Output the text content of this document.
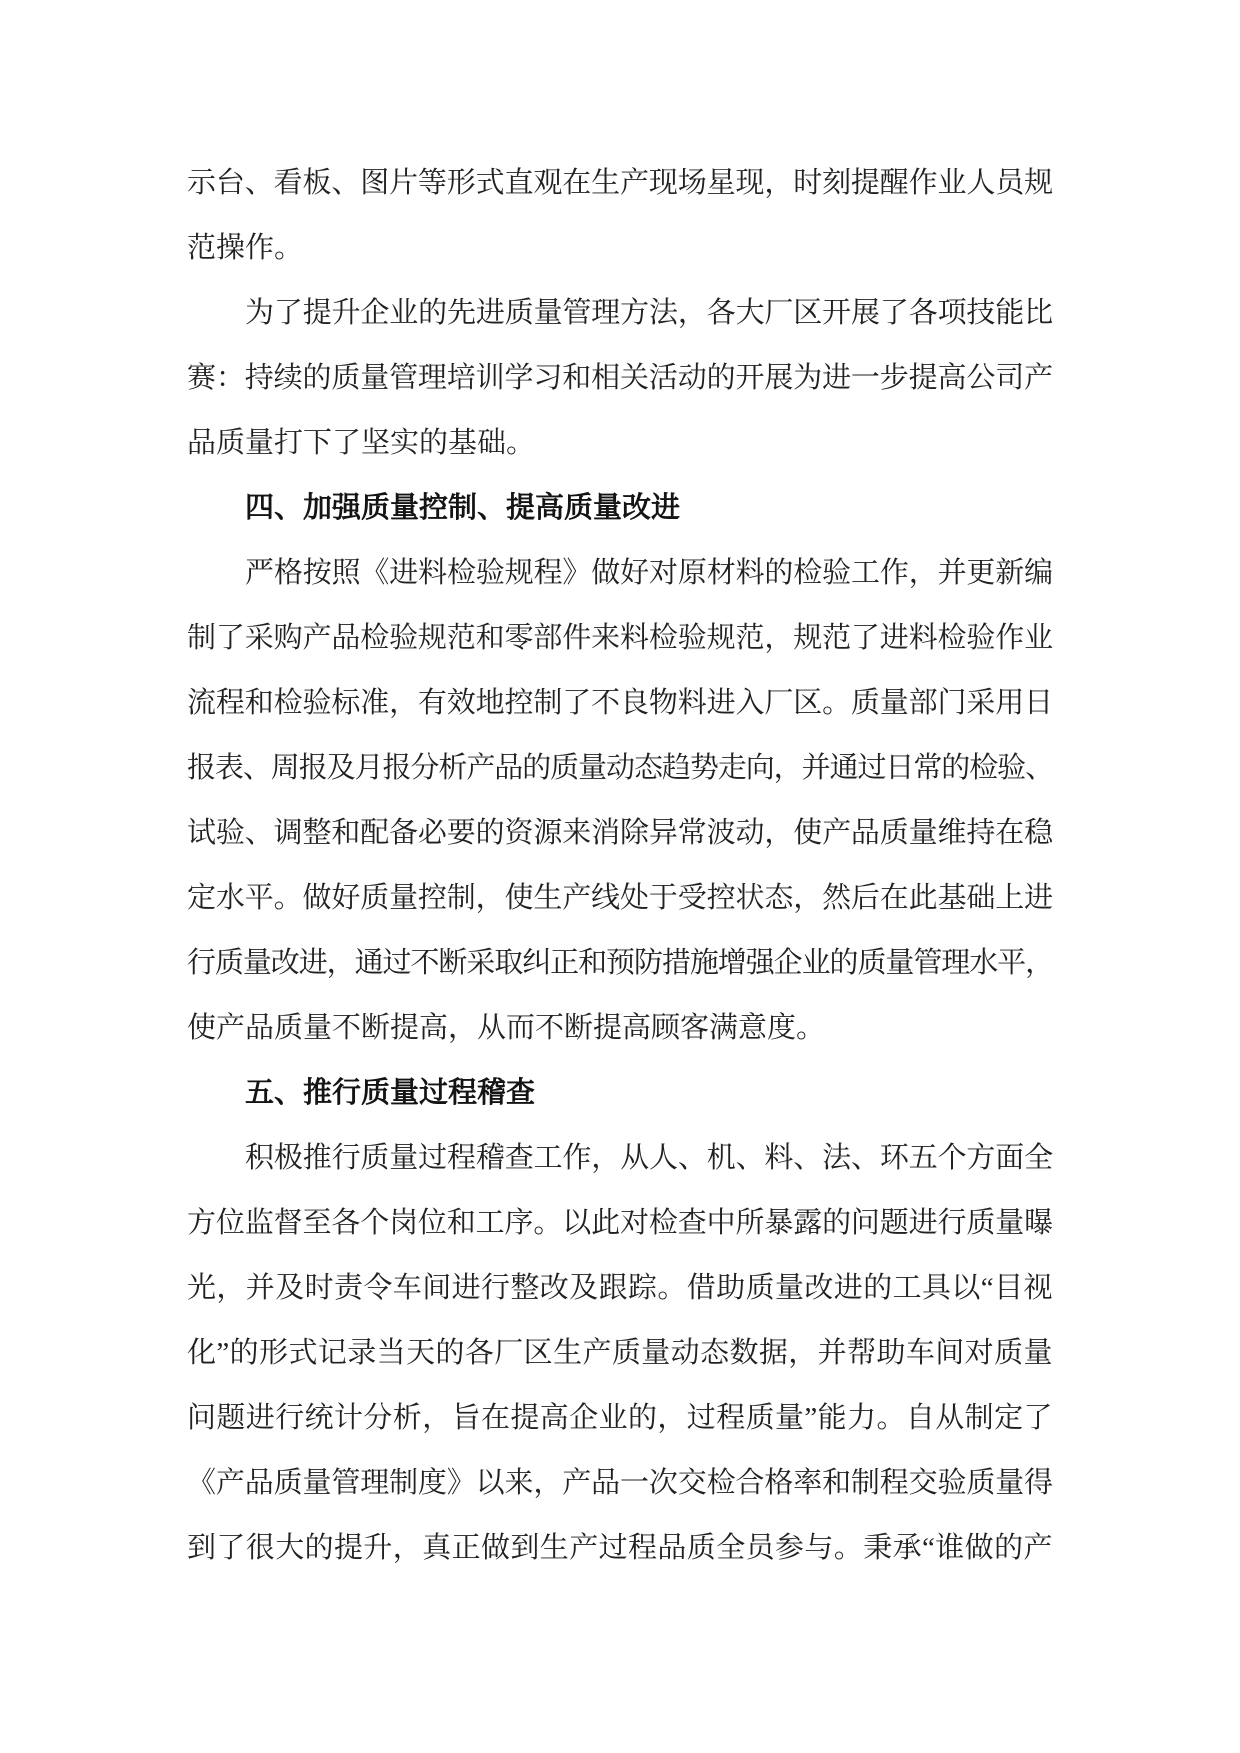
示台、看板、图片等形式直观在生产现场星现，时刻提醒作业人员规
范操作。
为了提升企业的先进质量管理方法，各大厂区开展了各项技能比
赛：持续的质量管理培训学习和相关活动的开展为进一步提高公司产
品质量打下了坚实的基础。
四、加强质量控制、提高质量改进
严格按照《进料检验规程》做好对原材料的检验工作，并更新编
制了采购产品检验规范和零部件来料检验规范，规范了进料检验作业
流程和检验标准，有效地控制了不良物料进入厂区。质量部门采用日
报表、周报及月报分析产品的质量动态趋势走向，并通过日常的检验、
试验、调整和配备必要的资源来消除异常波动，使产品质量维持在稳
定水平。做好质量控制，使生产线处于受控状态，然后在此基础上进
行质量改进，通过不断采取纠正和预防措施增强企业的质量管理水平，
使产品质量不断提高，从而不断提高顾客满意度。
五、推行质量过程稽查
积极推行质量过程稽查工作，从人、机、料、法、环五个方面全
方位监督至各个岗位和工序。以此对检查中所暴露的问题进行质量曝
光，并及时责令车间进行整改及跟踪。借助质量改进的工具以“目视
化”的形式记录当天的各厂区生产质量动态数据，并帮助车间对质量
问题进行统计分析，旨在提高企业的，过程质量”能力。自从制定了
《产品质量管理制度》以来，产品一次交检合格率和制程交验质量得
到了很大的提升，真正做到生产过程品质全员参与。秉承“谁做的产
